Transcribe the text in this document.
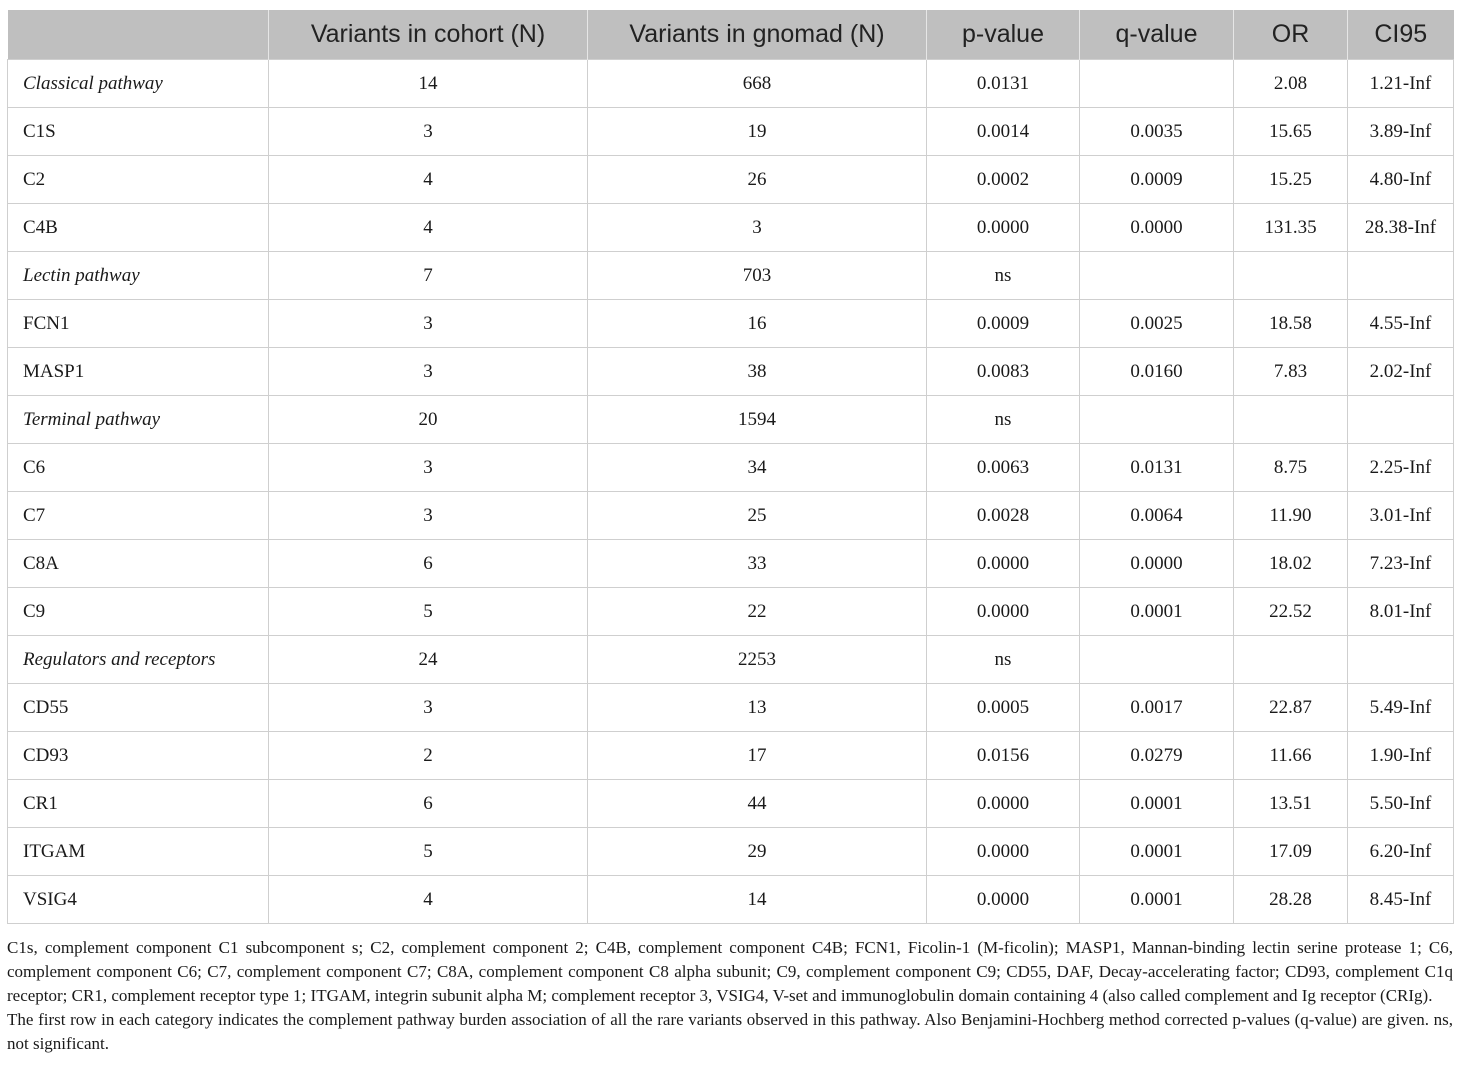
	Variants in cohort (N)	Variants in gnomad (N)	p-value	q-value	OR	CI95
Classical pathway	14	668	0.0131		2.08	1.21-Inf
C1S	3	19	0.0014	0.0035	15.65	3.89-Inf
C2	4	26	0.0002	0.0009	15.25	4.80-Inf
C4B	4	3	0.0000	0.0000	131.35	28.38-Inf
Lectin pathway	7	703	ns			
FCN1	3	16	0.0009	0.0025	18.58	4.55-Inf
MASP1	3	38	0.0083	0.0160	7.83	2.02-Inf
Terminal pathway	20	1594	ns			
C6	3	34	0.0063	0.0131	8.75	2.25-Inf
C7	3	25	0.0028	0.0064	11.90	3.01-Inf
C8A	6	33	0.0000	0.0000	18.02	7.23-Inf
C9	5	22	0.0000	0.0001	22.52	8.01-Inf
Regulators and receptors	24	2253	ns			
CD55	3	13	0.0005	0.0017	22.87	5.49-Inf
CD93	2	17	0.0156	0.0279	11.66	1.90-Inf
CR1	6	44	0.0000	0.0001	13.51	5.50-Inf
ITGAM	5	29	0.0000	0.0001	17.09	6.20-Inf
VSIG4	4	14	0.0000	0.0001	28.28	8.45-Inf

C1s, complement component C1 subcomponent s; C2, complement component 2; C4B, complement component C4B; FCN1, Ficolin-1 (M-ficolin); MASP1, Mannan-binding lectin serine protease 1; C6, complement component C6; C7, complement component C7; C8A, complement component C8 alpha subunit; C9, complement component C9; CD55, DAF, Decay-accelerating factor; CD93, complement C1q receptor; CR1, complement receptor type 1; ITGAM, integrin subunit alpha M; complement receptor 3, VSIG4, V-set and immunoglobulin domain containing 4 (also called complement and Ig receptor (CRIg).

The first row in each category indicates the complement pathway burden association of all the rare variants observed in this pathway. Also Benjamini-Hochberg method corrected p-values (q-value) are given. ns, not significant.
